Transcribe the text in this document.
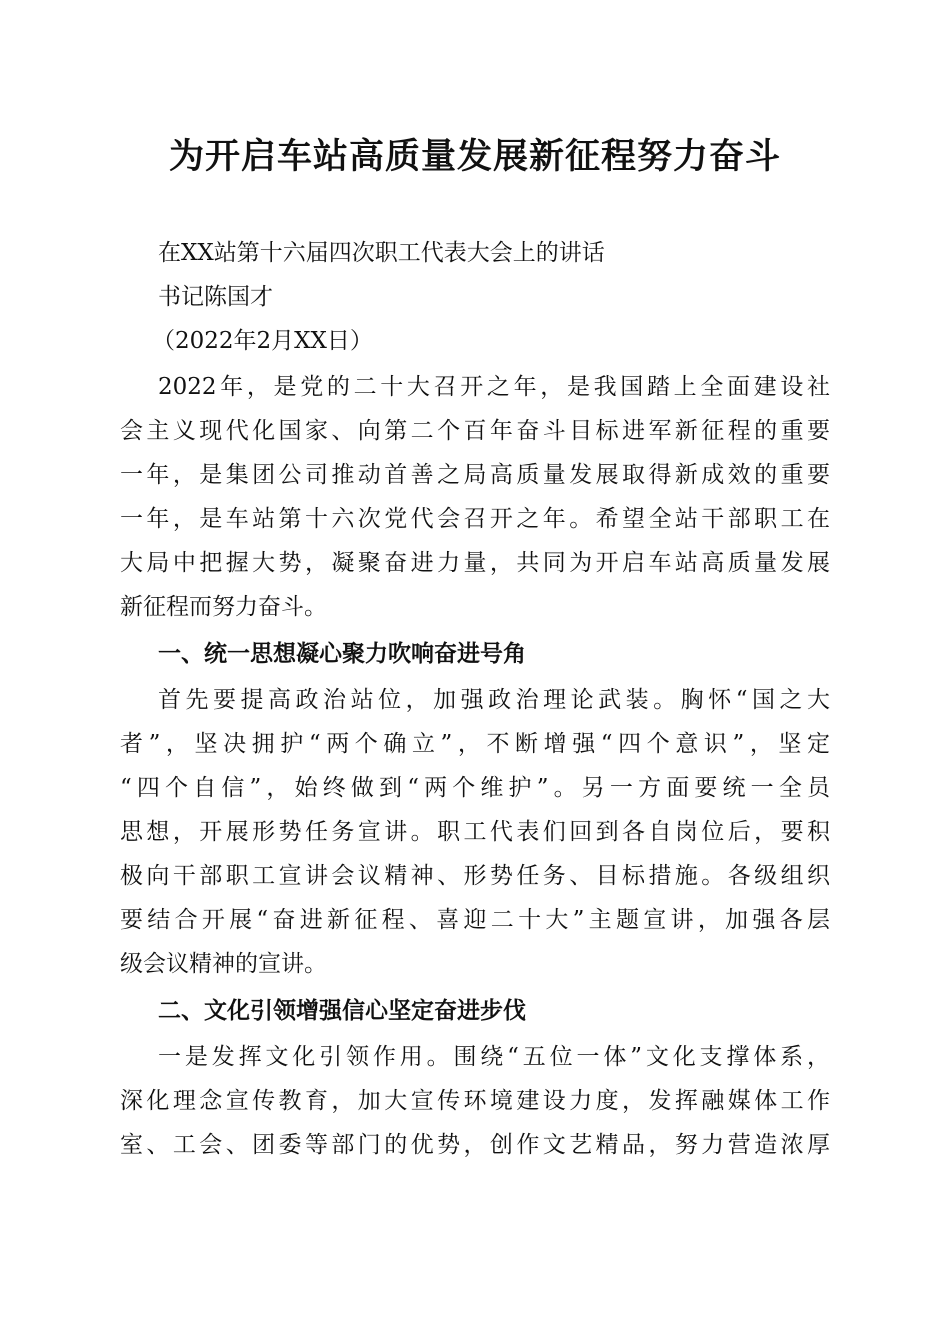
为开启车站高质量发展新征程努力奋斗
在XX站第十六届四次职工代表大会上的讲话
书记陈国才
（2022年2月XX日）
2022年，是党的二十大召开之年，是我国踏上全面建设社
会主义现代化国家、向第二个百年奋斗目标进军新征程的重要
一年，是集团公司推动首善之局高质量发展取得新成效的重要
一年，是车站第十六次党代会召开之年。希望全站干部职工在
大局中把握大势，凝聚奋进力量，共同为开启车站高质量发展
新征程而努力奋斗。
一、统一思想凝心聚力吹响奋进号角
首先要提高政治站位，加强政治理论武装。胸怀“国之大
者”，坚决拥护“两个确立”，不断增强“四个意识”，坚定
“四个自信”，始终做到“两个维护”。另一方面要统一全员
思想，开展形势任务宣讲。职工代表们回到各自岗位后，要积
极向干部职工宣讲会议精神、形势任务、目标措施。各级组织
要结合开展“奋进新征程、喜迎二十大”主题宣讲，加强各层
级会议精神的宣讲。
二、文化引领增强信心坚定奋进步伐
一是发挥文化引领作用。围绕“五位一体”文化支撑体系，
深化理念宣传教育，加大宣传环境建设力度，发挥融媒体工作
室、工会、团委等部门的优势，创作文艺精品，努力营造浓厚
